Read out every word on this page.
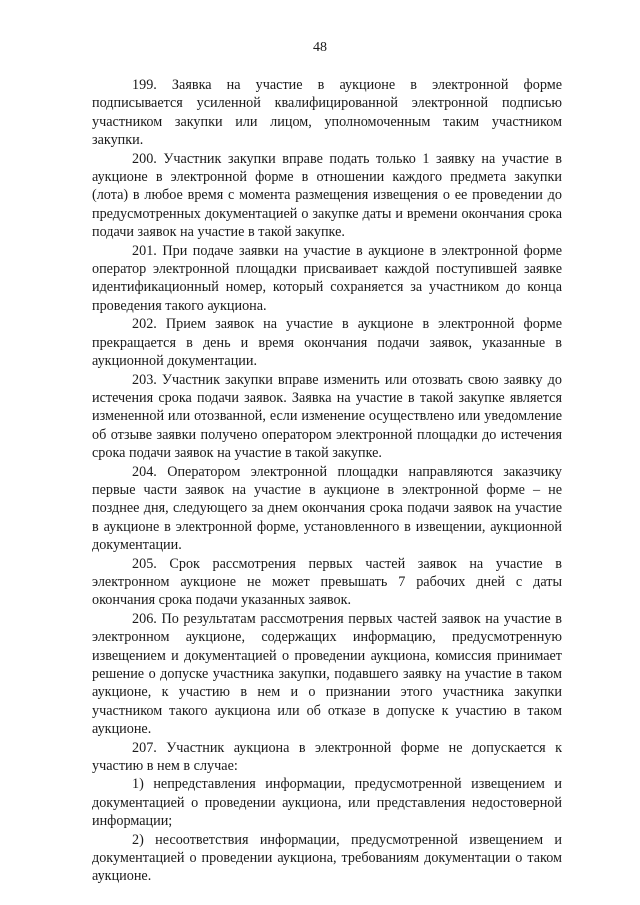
48

199. Заявка на участие в аукционе в электронной форме подписывается усиленной квалифицированной электронной подписью участником закупки или лицом, уполномоченным таким участником закупки.

200. Участник закупки вправе подать только 1 заявку на участие в аукционе в электронной форме в отношении каждого предмета закупки (лота) в любое время с момента размещения извещения о ее проведении до предусмотренных документацией о закупке даты и времени окончания срока подачи заявок на участие в такой закупке.

201. При подаче заявки на участие в аукционе в электронной форме оператор электронной площадки присваивает каждой поступившей заявке идентификационный номер, который сохраняется за участником до конца проведения такого аукциона.

202. Прием заявок на участие в аукционе в электронной форме прекращается в день и время окончания подачи заявок, указанные в аукционной документации.

203. Участник закупки вправе изменить или отозвать свою заявку до истечения срока подачи заявок. Заявка на участие в такой закупке является измененной или отозванной, если изменение осуществлено или уведомление об отзыве заявки получено оператором электронной площадки до истечения срока подачи заявок на участие в такой закупке.

204. Оператором электронной площадки направляются заказчику первые части заявок на участие в аукционе в электронной форме – не позднее дня, следующего за днем окончания срока подачи заявок на участие в аукционе в электронной форме, установленного в извещении, аукционной документации.

205. Срок рассмотрения первых частей заявок на участие в электронном аукционе не может превышать 7 рабочих дней с даты окончания срока подачи указанных заявок.

206. По результатам рассмотрения первых частей заявок на участие в электронном аукционе, содержащих информацию, предусмотренную извещением и документацией о проведении аукциона, комиссия принимает решение о допуске участника закупки, подавшего заявку на участие в таком аукционе, к участию в нем и о признании этого участника закупки участником такого аукциона или об отказе в допуске к участию в таком аукционе.

207. Участник аукциона в электронной форме не допускается к участию в нем в случае:

1) непредставления информации, предусмотренной извещением и документацией о проведении аукциона, или представления недостоверной информации;

2) несоответствия информации, предусмотренной извещением и документацией о проведении аукциона, требованиям документации о таком аукционе.
